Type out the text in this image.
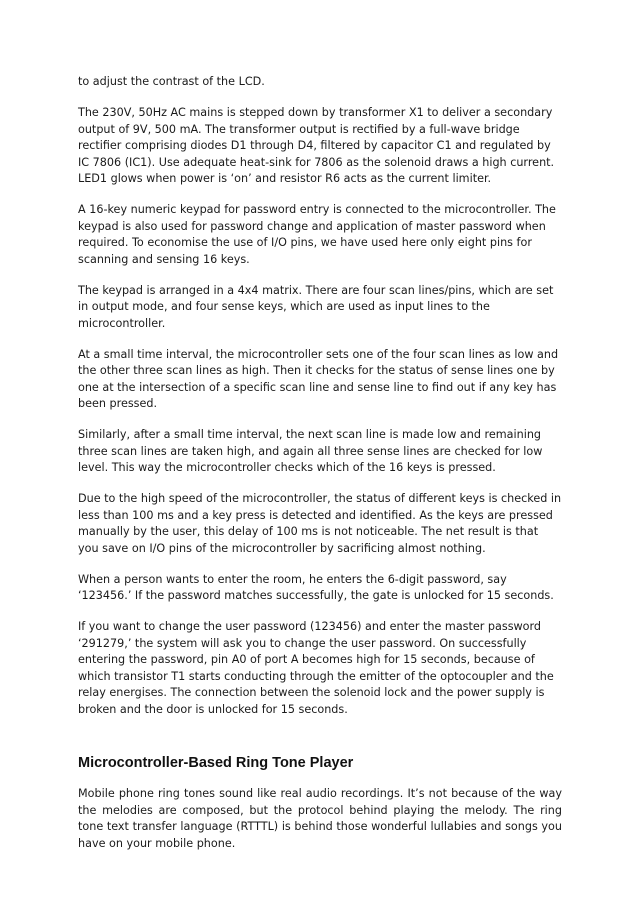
to adjust the contrast of the LCD.

The 230V, 50Hz AC mains is stepped down by transformer X1 to deliver a secondary output of 9V, 500 mA. The transformer output is rectified by a full-wave bridge rectifier comprising diodes D1 through D4, filtered by capacitor C1 and regulated by IC 7806 (IC1). Use adequate heat-sink for 7806 as the solenoid draws a high current. LED1 glows when power is ‘on’ and resistor R6 acts as the current limiter.

A 16-key numeric keypad for password entry is connected to the microcontroller. The keypad is also used for password change and application of master password when required. To economise the use of I/O pins, we have used here only eight pins for scanning and sensing 16 keys.

The keypad is arranged in a 4x4 matrix. There are four scan lines/pins, which are set in output mode, and four sense keys, which are used as input lines to the microcontroller.

At a small time interval, the microcontroller sets one of the four scan lines as low and the other three scan lines as high. Then it checks for the status of sense lines one by one at the intersection of a specific scan line and sense line to find out if any key has been pressed.

Similarly, after a small time interval, the next scan line is made low and remaining three scan lines are taken high, and again all three sense lines are checked for low level. This way the microcontroller checks which of the 16 keys is pressed.

Due to the high speed of the microcontroller, the status of different keys is checked in less than 100 ms and a key press is detected and identified. As the keys are pressed manually by the user, this delay of 100 ms is not noticeable. The net result is that you save on I/O pins of the microcontroller by sacrificing almost nothing.

When a person wants to enter the room, he enters the 6-digit password, say ‘123456.’ If the password matches successfully, the gate is unlocked for 15 seconds.

If you want to change the user password (123456) and enter the master password ‘291279,’ the system will ask you to change the user password. On successfully entering the password, pin A0 of port A becomes high for 15 seconds, because of which transistor T1 starts conducting through the emitter of the optocoupler and the relay energises. The connection between the solenoid lock and the power supply is broken and the door is unlocked for 15 seconds.

Microcontroller-Based Ring Tone Player

Mobile phone ring tones sound like real audio recordings. It’s not because of the way the melodies are composed, but the protocol behind playing the melody. The ring tone text transfer language (RTTTL) is behind those wonderful lullabies and songs you have on your mobile phone.
